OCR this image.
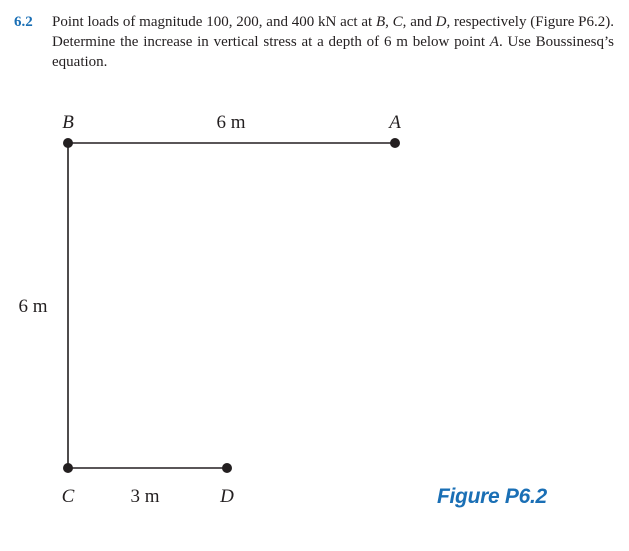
6.2 Point loads of magnitude 100, 200, and 400 kN act at B, C, and D, respectively (Figure P6.2). Determine the increase in vertical stress at a depth of 6 m below point A. Use Boussinesq’s equation.
B	A
C	D
6 m
6 m
3 m	Figure P6.2
